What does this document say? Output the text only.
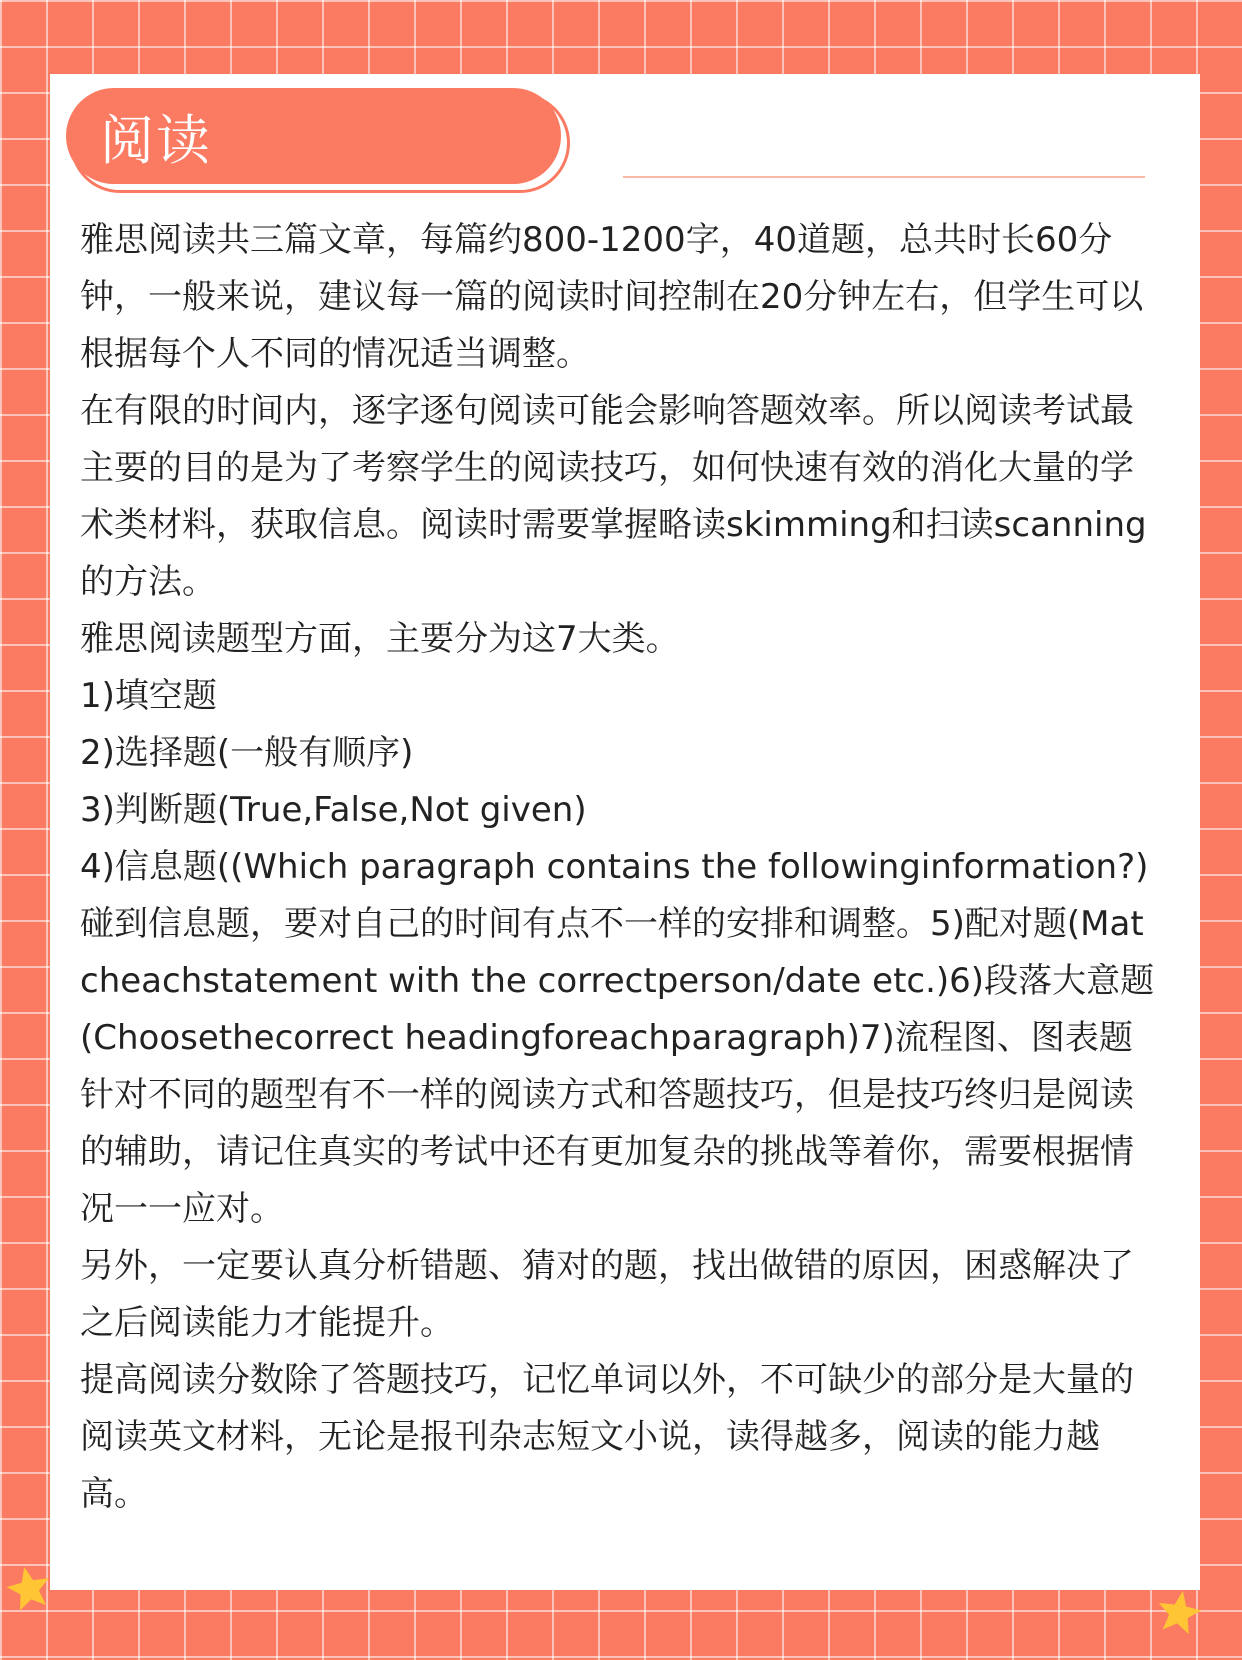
阅读

雅思阅读共三篇文章，每篇约800-1200字，40道题，总共时长60分钟，一般来说，建议每一篇的阅读时间控制在20分钟左右，但学生可以根据每个人不同的情况适当调整。

在有限的时间内，逐字逐句阅读可能会影响答题效率。所以阅读考试最主要的目的是为了考察学生的阅读技巧，如何快速有效的消化大量的学术类材料，获取信息。阅读时需要掌握略读skimming和扫读scanning的方法。

雅思阅读题型方面，主要分为这7大类。

1)填空题

2)选择题(一般有顺序)

3)判断题(True,False,Not given)

4)信息题((Which paragraph contains the followinginformation?)碰到信息题，要对自己的时间有点不一样的安排和调整。5)配对题(Matcheachstatement with the correctperson/date etc.)6)段落大意题(Choosethecorrect headingforeachparagraph)7)流程图、图表题

针对不同的题型有不一样的阅读方式和答题技巧，但是技巧终归是阅读的辅助，请记住真实的考试中还有更加复杂的挑战等着你，需要根据情况一一应对。

另外，一定要认真分析错题、猜对的题，找出做错的原因，困惑解决了之后阅读能力才能提升。

提高阅读分数除了答题技巧，记忆单词以外，不可缺少的部分是大量的阅读英文材料，无论是报刊杂志短文小说，读得越多，阅读的能力越高。
